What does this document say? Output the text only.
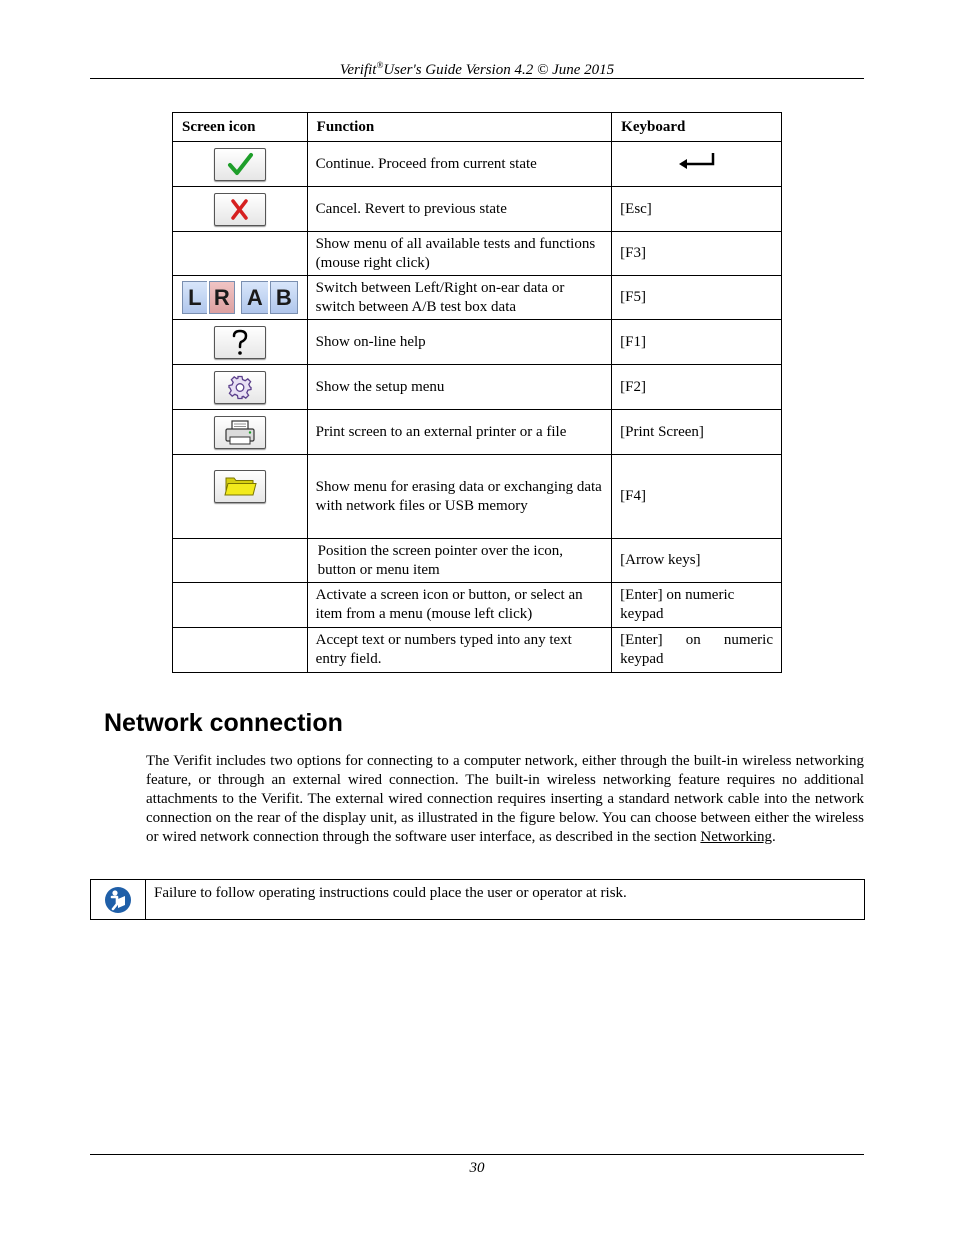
Verifit®User's Guide Version 4.2 © June 2015
Screen icon	Function	Keyboard

	Continue. Proceed from current state	

	Cancel. Revert to previous state	[Esc]
	Show menu of all available tests and functions (mouse right click)	[F3]

L R A B	Switch between Left/Right on-ear data or switch between A/B test box data	[F5]

	Show on-line help	[F1]

	Show the setup menu	[F2]

	Print screen to an external printer or a file	[Print Screen]

	Show menu for erasing data or exchanging data with network files or USB memory	[F4]
	Position the screen pointer over the icon, button or menu item	[Arrow keys]
	Activate a screen icon or button, or select an item from a menu (mouse left click)	[Enter] on numeric keypad
	Accept text or numbers typed into any text entry field.	[Enter] on numeric keypad
Network connection

The Verifit includes two options for connecting to a computer network, either through the built-in wireless networking feature, or through an external wired connection. The built-in wireless networking feature requires no additional attachments to the Verifit. The external wired connection requires inserting a standard network cable into the network connection on the rear of the display unit, as illustrated in the figure below. You can choose between either the wireless or wired network connection through the software user interface, as described in the section Networking.

Failure to follow operating instructions could place the user or operator at risk.
30
